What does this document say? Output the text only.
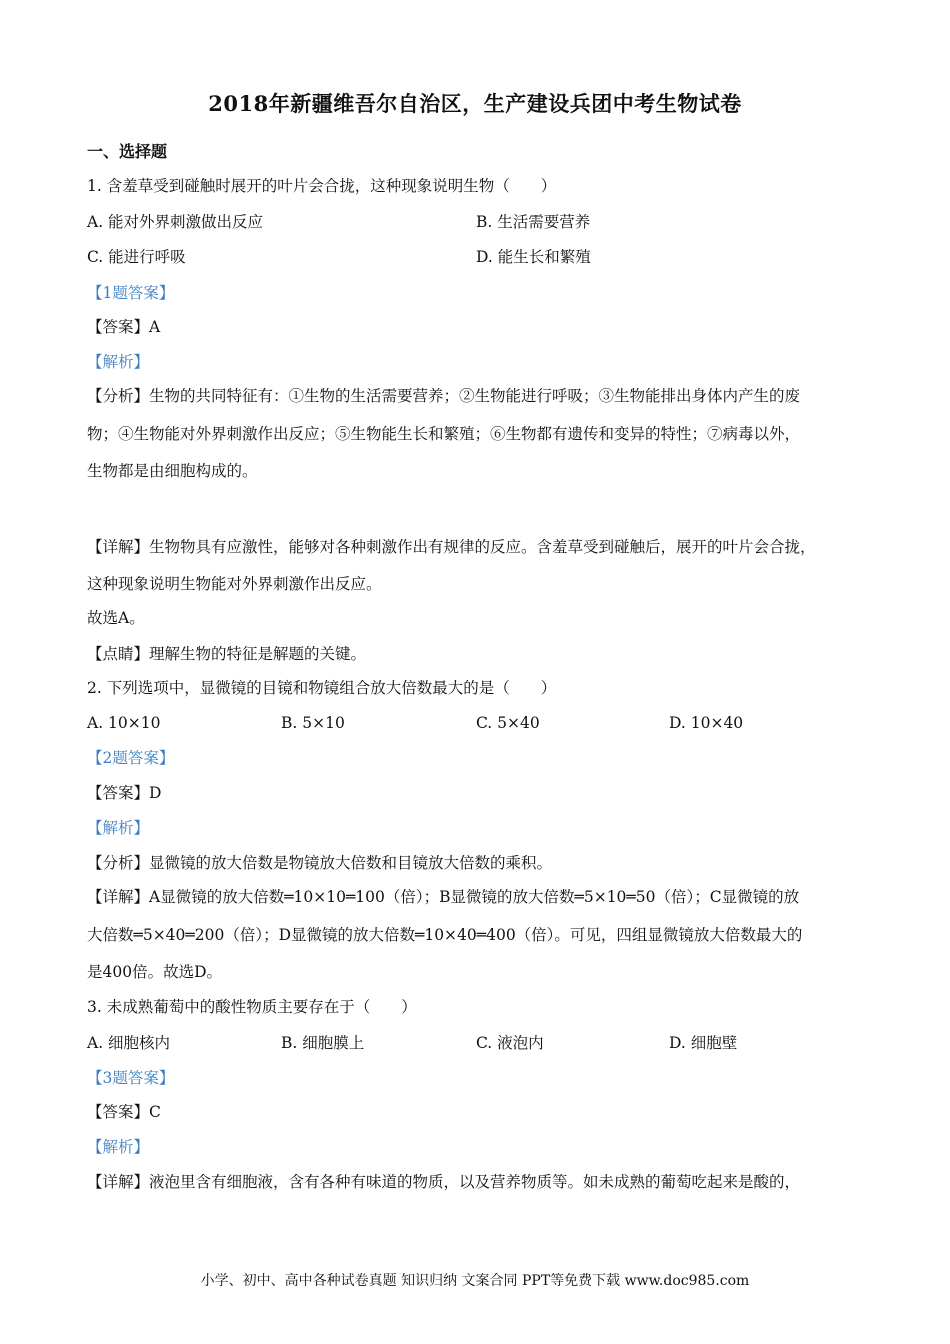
2018年新疆维吾尔自治区，生产建设兵团中考生物试卷
一、选择题
1. 含羞草受到碰触时展开的叶片会合拢，这种现象说明生物（　　）
A. 能对外界刺激做出反应	B. 生活需要营养
C. 能进行呼吸	D. 能生长和繁殖
【1题答案】
【答案】A
【解析】
【分析】生物的共同特征有：①生物的生活需要营养；②生物能进行呼吸；③生物能排出身体内产生的废
物；④生物能对外界刺激作出反应；⑤生物能生长和繁殖；⑥生物都有遗传和变异的特性；⑦病毒以外，
生物都是由细胞构成的。
【详解】生物物具有应激性，能够对各种刺激作出有规律的反应。含羞草受到碰触后，展开的叶片会合拢，
这种现象说明生物能对外界刺激作出反应。
故选A。
【点睛】理解生物的特征是解题的关键。
2. 下列选项中，显微镜的目镜和物镜组合放大倍数最大的是（　　）
A. 10×10	B. 5×10	C. 5×40	D. 10×40
【2题答案】
【答案】D
【解析】
【分析】显微镜的放大倍数是物镜放大倍数和目镜放大倍数的乘积。
【详解】A显微镜的放大倍数═10×10═100（倍）；B显微镜的放大倍数═5×10═50（倍）；C显微镜的放
大倍数═5×40═200（倍）；D显微镜的放大倍数═10×40═400（倍）。可见，四组显微镜放大倍数最大的
是400倍。故选D。
3. 未成熟葡萄中的酸性物质主要存在于（　　）
A. 细胞核内	B. 细胞膜上	C. 液泡内	D. 细胞壁
【3题答案】
【答案】C
【解析】
【详解】液泡里含有细胞液，含有各种有味道的物质，以及营养物质等。如未成熟的葡萄吃起来是酸的，
小学、初中、高中各种试卷真题 知识归纳 文案合同 PPT等免费下载 www.doc985.com
